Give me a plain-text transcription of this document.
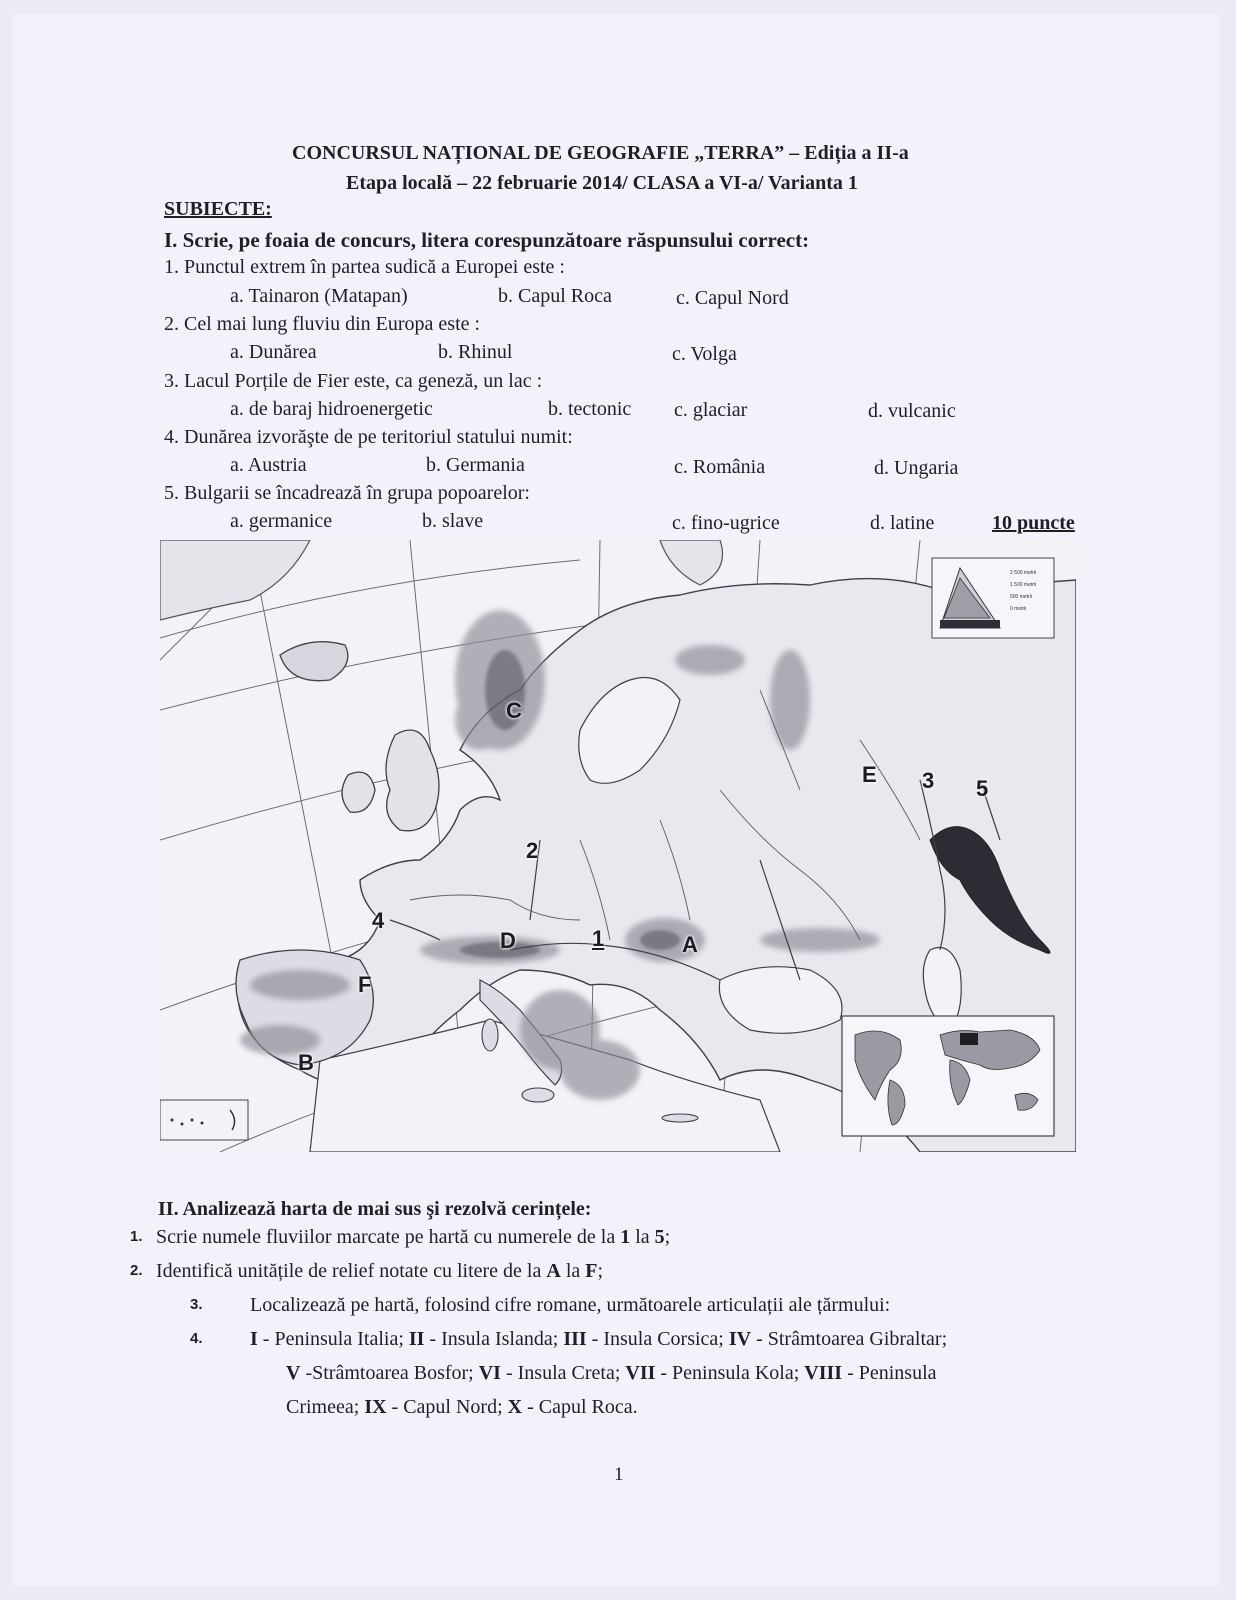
CONCURSUL NAȚIONAL DE GEOGRAFIE „TERRA” – Ediția a II-a
Etapa locală – 22 februarie 2014/ CLASA a VI-a/ Varianta 1
SUBIECTE:
I. Scrie, pe foaia de concurs, litera corespunzătoare răspunsului correct:
1. Punctul extrem în partea sudică a Europei este :
a. Tainaron (Matapan)	b. Capul Roca	c. Capul Nord
2. Cel mai lung fluviu din Europa este :
a. Dunărea	b. Rhinul	c. Volga
3. Lacul Porțile de Fier este, ca geneză, un lac :
a. de baraj hidroenergetic	b. tectonic c. glaciar	d. vulcanic
4. Dunărea izvorăşte de pe teritoriul statului numit:
a. Austria	b. Germania	c. România	d. Ungaria
5. Bulgarii se încadrează în grupa popoarelor:
a. germanice	b. slave	c. fino-ugrice	d. latine	10 puncte
2 500 metrii
1 500 metrii
500 metrii
0 metrii
C
E 3 5
2
4
D	1	A
F
B
II. Analizează harta de mai sus şi rezolvă cerințele:
1. Scrie numele fluviilor marcate pe hartă cu numerele de la 1 la 5;
2. Identifică unitățile de relief notate cu litere de la A la F;
3. Localizează pe hartă, folosind cifre romane, următoarele articulații ale țărmului:
4. I - Peninsula Italia; II - Insula Islanda; III - Insula Corsica; IV - Strâmtoarea Gibraltar;
V -Strâmtoarea Bosfor; VI - Insula Creta; VII - Peninsula Kola; VIII - Peninsula
Crimeea; IX - Capul Nord; X - Capul Roca.
1
